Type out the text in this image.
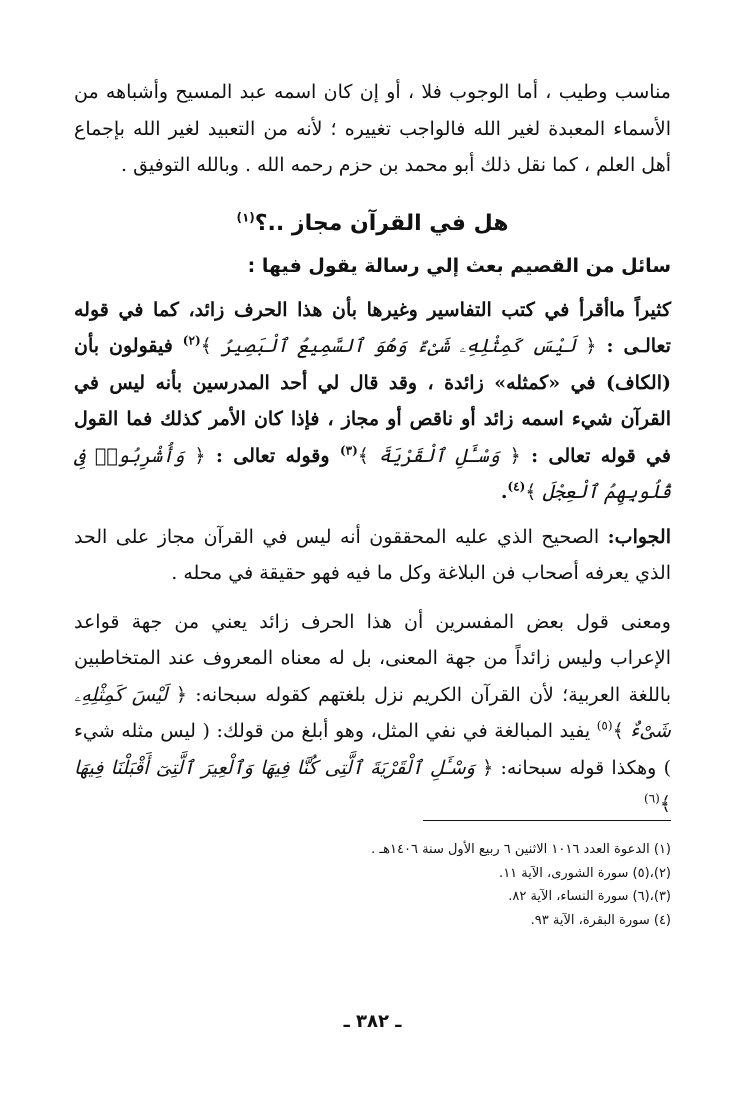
مناسب وطيب ، أما الوجوب فلا ، أو إن كان اسمه عبد المسيح وأشباهه من الأسماء المعبدة لغير الله فالواجب تغييره ؛ لأنه من التعبيد لغير الله بإجماع أهل العلم ، كما نقل ذلك أبو محمد بن حزم رحمه الله . وبالله التوفيق .

هل في القرآن مجاز ..؟$^{(١)}$

سائل من القصيم بعث إلي رسالة يقول فيها :

كثيراً ماأقرأ في كتب التفاسير وغيرها بأن هذا الحرف زائد، كما في قوله تعالـى : ﴿ لَيْسَ كَمِثْلِهِۦ شَىْءٌ وَهُوَ ٱلسَّمِيعُ ٱلْبَصِيرُ ﴾$^{(٢)}$ فيقولون بأن (الكاف) في «كمثله» زائدة ، وقد قال لي أحد المدرسين بأنه ليس في القرآن شيء اسمه زائد أو ناقص أو مجاز ، فإذا كان الأمر كذلك فما القول في قوله تعالى : ﴿ وَسْـَٔلِ ٱلْقَرْيَةَ ﴾$^{(٣)}$ وقوله تعالى : ﴿ وَأُشْرِبُوا۟ فِى قُلُوبِهِمُ ٱلْعِجْلَ ﴾$^{(٤)}$.

الجواب: الصحيح الذي عليه المحققون أنه ليس في القرآن مجاز على الحد الذي يعرفه أصحاب فن البلاغة وكل ما فيه فهو حقيقة في محله .

ومعنى قول بعض المفسرين أن هذا الحرف زائد يعني من جهة قواعد الإعراب وليس زائداً من جهة المعنى، بل له معناه المعروف عند المتخاطبين باللغة العربية؛ لأن القرآن الكريم نزل بلغتهم كقوله سبحانه: ﴿ لَيْسَ كَمِثْلِهِۦ شَىْءٌ ﴾$^{(٥)}$ يفيد المبالغة في نفي المثل، وهو أبلغ من قولك: ( ليس مثله شيء ) وهكذا قوله سبحانه: ﴿ وَسْـَٔلِ ٱلْقَرْيَةَ ٱلَّتِى كُنَّا فِيهَا وَٱلْعِيرَ ٱلَّتِىٓ أَقْبَلْنَا فِيهَا ﴾$^{(٦)}$

(١) الدعوة العدد ١٠١٦ الاثنين ٦ ربيع الأول سنة ١٤٠٦هـ .

(٢)،(٥) سورة الشورى، الآية ١١.

(٣)،(٦) سورة النساء، الآية ٨٢.

(٤) سورة البقرة، الآية ٩٣.

ـ ٣٨٢ ـ
